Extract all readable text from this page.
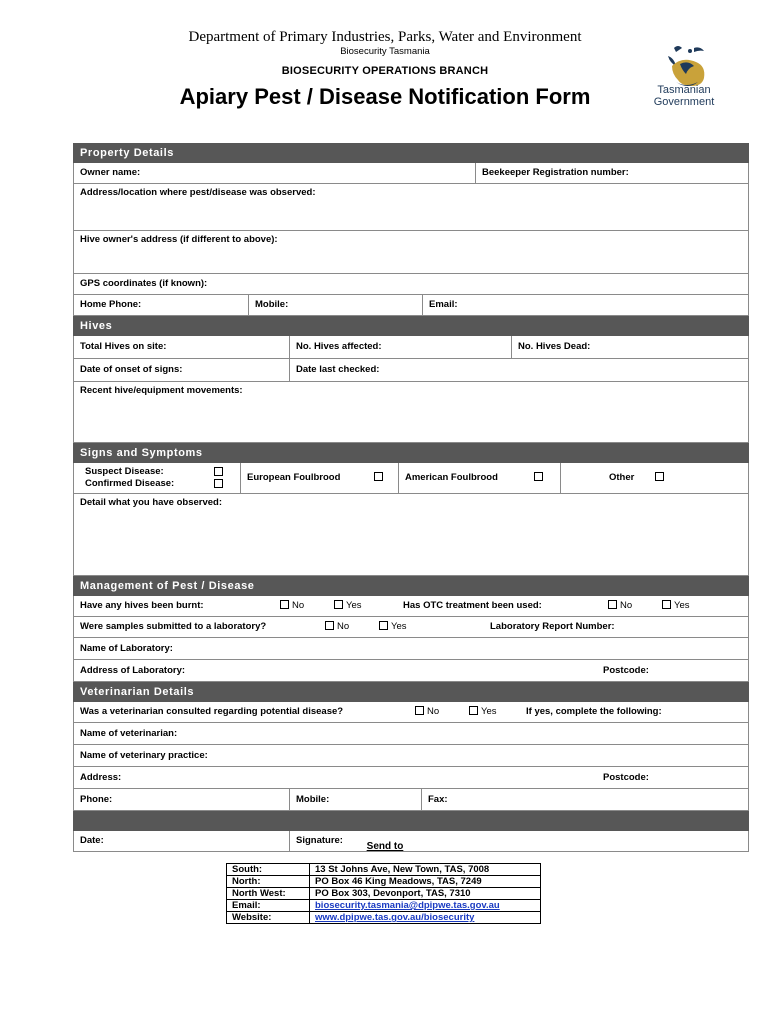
Department of Primary Industries, Parks, Water and Environment
Biosecurity Tasmania
BIOSECURITY OPERATIONS BRANCH
Apiary Pest / Disease Notification Form	Tasmanian
Government
Property Details
Owner name:	Beekeeper Registration number:
Address/location where pest/disease was observed:
Hive owner's address (if different to above):
GPS coordinates (if known):
Home Phone:	Mobile:	Email:
Hives
Total Hives on site:	No. Hives affected:	No. Hives Dead:
Date of onset of signs:	Date last checked:
Recent hive/equipment movements:
Signs and Symptoms
Suspect Disease:
Confirmed Disease:
European Foulbrood	American Foulbrood	Other
Detail what you have observed:
Management of Pest / Disease
Have any hives been burnt:	No	Yes	Has OTC treatment been used:	No	Yes
Were samples submitted to a laboratory?	No	Yes	Laboratory Report Number:
Name of Laboratory:
Address of Laboratory:	Postcode:
Veterinarian Details
Was a veterinarian consulted regarding potential disease?	No	Yes	If yes, complete the following:
Name of veterinarian:
Name of veterinary practice:
Address:	Postcode:
Phone:	Mobile:	Fax:
Date:	Signature:
Send to
South:	13 St Johns Ave, New Town, TAS, 7008
North:	PO Box 46 King Meadows, TAS, 7249
North West:	PO Box 303, Devonport, TAS, 7310
Email:	biosecurity.tasmania@dpipwe.tas.gov.au
Website:	www.dpipwe.tas.gov.au/biosecurity
